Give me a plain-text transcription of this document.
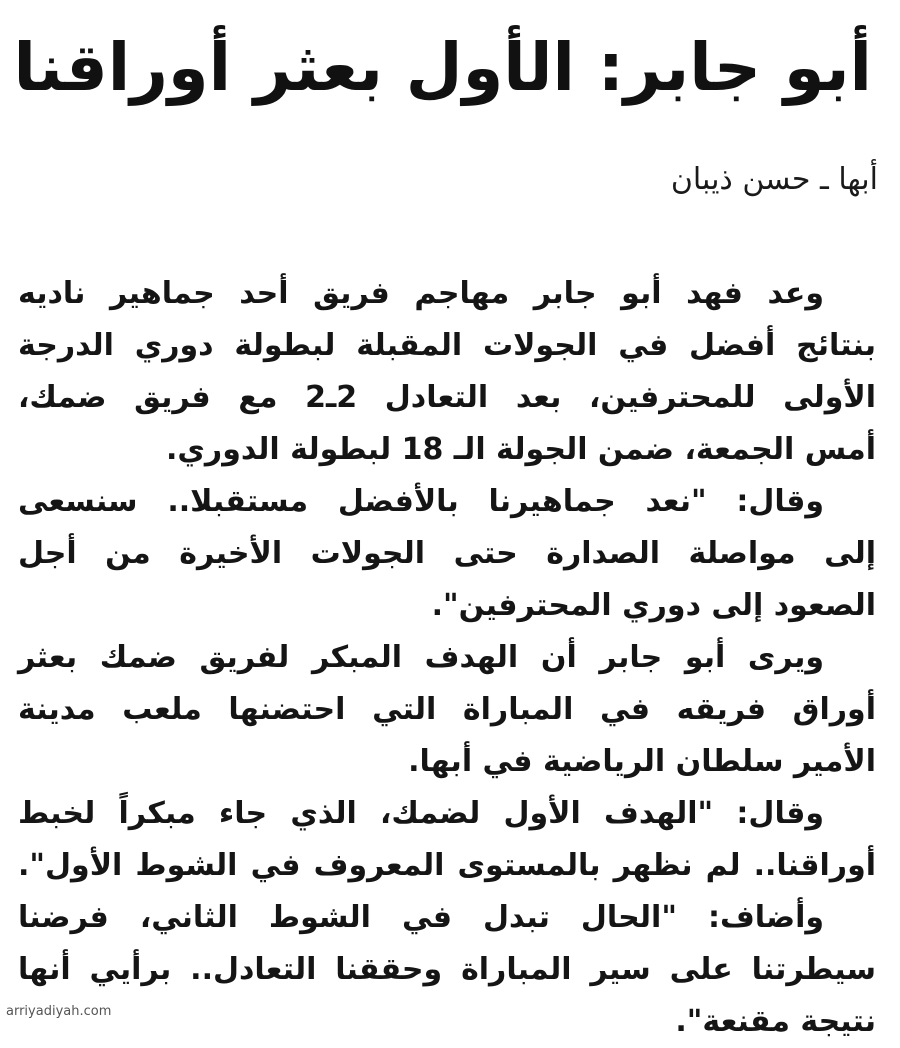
أبو جابر: الأول بعثر أوراقنا
أبها ـ حسن ذيبان
وعد فهد أبو جابر مهاجم فريق أحد جماهير ناديه
بنتائج أفضل في الجولات المقبلة لبطولة دوري الدرجة
الأولى للمحترفين، بعد التعادل 2ـ2 مع فريق ضمك،
أمس الجمعة، ضمن الجولة الـ 18 لبطولة الدوري.
وقال: "نعد جماهيرنا بالأفضل مستقبلا.. سنسعى
إلى مواصلة الصدارة حتى الجولات الأخيرة من أجل
الصعود إلى دوري المحترفين".
ويرى أبو جابر أن الهدف المبكر لفريق ضمك بعثر
أوراق فريقه في المباراة التي احتضنها ملعب مدينة
الأمير سلطان الرياضية في أبها.
وقال: "الهدف الأول لضمك، الذي جاء مبكراً لخبط
أوراقنا.. لم نظهر بالمستوى المعروف في الشوط الأول".
وأضاف: "الحال تبدل في الشوط الثاني، فرضنا
سيطرتنا على سير المباراة وحققنا التعادل.. برأيي أنها
نتيجة مقنعة".
arriyadiyah.com
